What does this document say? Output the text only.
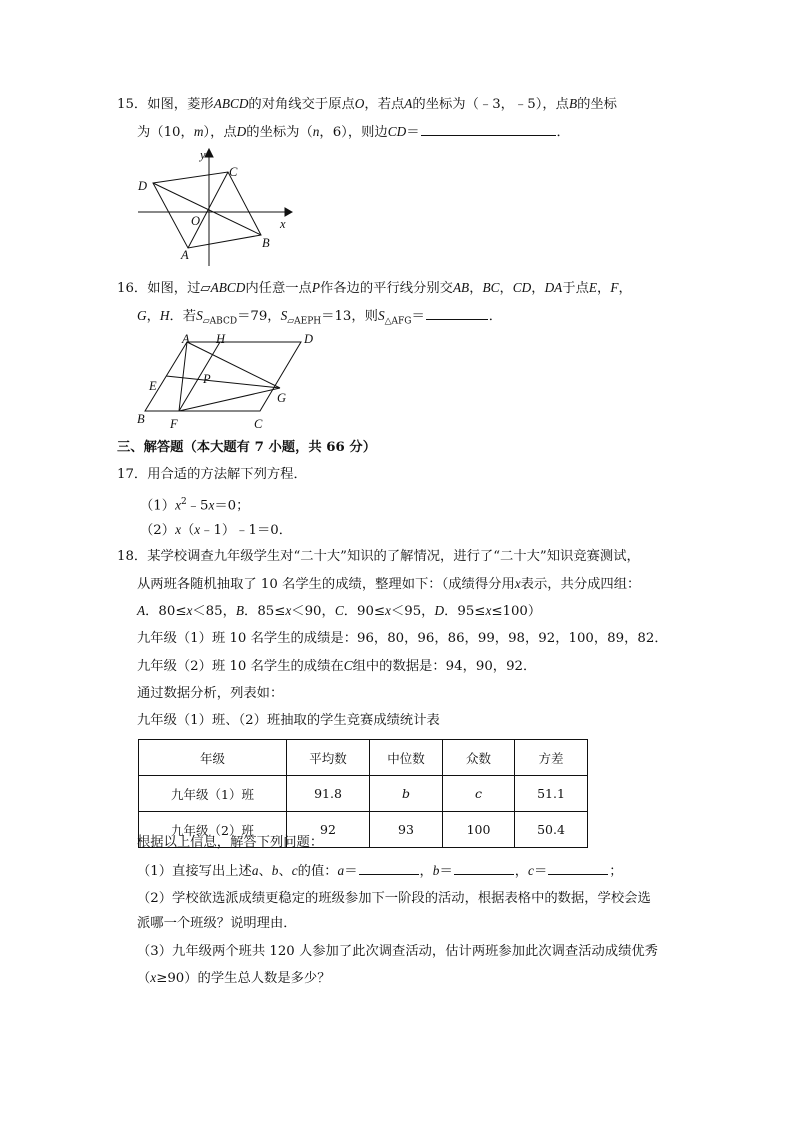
15．如图，菱形ABCD的对角线交于原点O，若点A的坐标为（﹣3，﹣5），点B的坐标
为（10，m），点D的坐标为（n，6），则边CD＝	．
y
x
D
C
O
B
A
16．如图，过▱ABCD内任意一点P作各边的平行线分别交AB，BC，CD，DA于点E，F，
G，H．若$S_{▱ABCD}=79$，$S_{▱AEPH}=13$，则$S_{\triangle AFG}=$	．
A H	D
P
E
G
B F	C
三、解答题（本大题有 7 小题，共 66 分）
17．用合适的方法解下列方程．
$(1)x^2﹣5x=0$；
（2）x（x﹣1）﹣1＝0．
18．某学校调查九年级学生对“二十大”知识的了解情况，进行了“二十大”知识竞赛测试，
从两班各随机抽取了 10 名学生的成绩，整理如下：（成绩得分用x表示，共分成四组：
A．80≤x＜85，B．85≤x＜90，C．90≤x＜95，D．95≤x≤100）
九年级（1）班 10 名学生的成绩是：96，80，96，86，99，98，92，100，89，82．
九年级（2）班 10 名学生的成绩在C组中的数据是：94，90，92．
通过数据分析，列表如：
九年级（1）班、（2）班抽取的学生竞赛成绩统计表
年级	平均数	中位数	众数	方差
九年级（1）班	91.8	b	c	51.1
九年级（2）班	92	93	100	50.4
根据以上信息，解答下列问题：
（1）直接写出上述a、b、c的值：a＝	，b＝	，c＝	；
（2）学校欲选派成绩更稳定的班级参加下一阶段的活动，根据表格中的数据，学校会选
派哪一个班级？说明理由．
（3）九年级两个班共 120 人参加了此次调查活动，估计两班参加此次调查活动成绩优秀
（x≥90）的学生总人数是多少？
